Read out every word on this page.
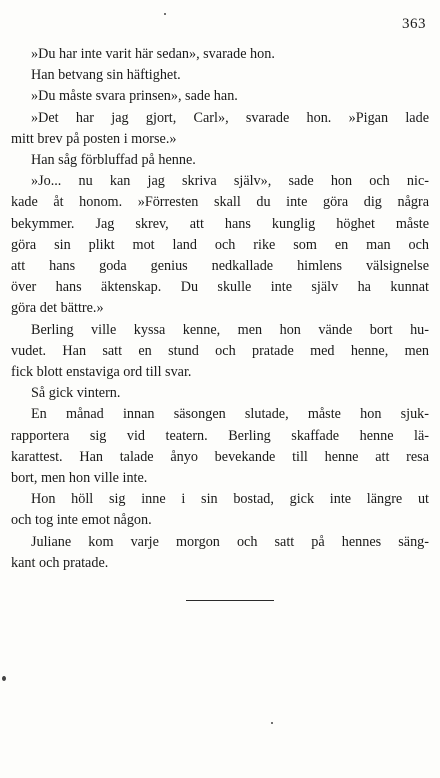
363
»Du har inte varit här sedan», svarade hon.
Han betvang sin häftighet.
»Du måste svara prinsen», sade han.
»Det har jag gjort, Carl», svarade hon. »Pigan lade
mitt brev på posten i morse.»
Han såg förbluffad på henne.
»Jo... nu kan jag skriva själv», sade hon och nic-
kade åt honom. »Förresten skall du inte göra dig några
bekymmer. Jag skrev, att hans kunglig höghet måste
göra sin plikt mot land och rike som en man och
att hans goda genius nedkallade himlens välsignelse
över hans äktenskap. Du skulle inte själv ha kunnat
göra det bättre.»
Berling ville kyssa kenne, men hon vände bort hu-
vudet. Han satt en stund och pratade med henne, men
fick blott enstaviga ord till svar.
Så gick vintern.
En månad innan säsongen slutade, måste hon sjuk-
rapportera sig vid teatern. Berling skaffade henne lä-
karattest. Han talade ånyo bevekande till henne att resa
bort, men hon ville inte.
Hon höll sig inne i sin bostad, gick inte längre ut
och tog inte emot någon.
Juliane kom varje morgon och satt på hennes säng-
kant och pratade.
